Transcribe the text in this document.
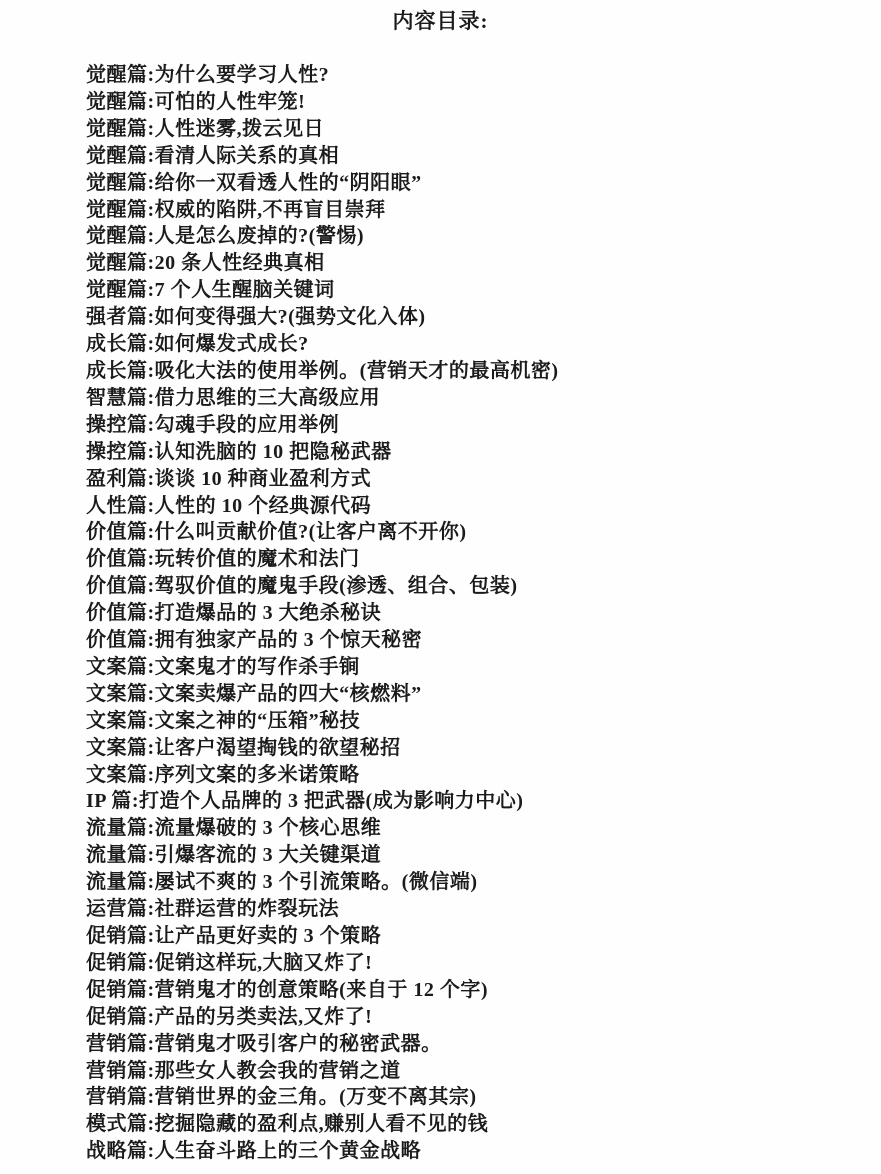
内容目录:
觉醒篇:为什么要学习人性?
觉醒篇:可怕的人性牢笼!
觉醒篇:人性迷雾,拨云见日
觉醒篇:看清人际关系的真相
觉醒篇:给你一双看透人性的“阴阳眼”
觉醒篇:权威的陷阱,不再盲目崇拜
觉醒篇:人是怎么废掉的?(警惕)
觉醒篇:20 条人性经典真相
觉醒篇:7 个人生醒脑关键词
强者篇:如何变得强大?(强势文化入体)
成长篇:如何爆发式成长?
成长篇:吸化大法的使用举例。(营销天才的最高机密)
智慧篇:借力思维的三大高级应用
操控篇:勾魂手段的应用举例
操控篇:认知洗脑的 10 把隐秘武器
盈利篇:谈谈 10 种商业盈利方式
人性篇:人性的 10 个经典源代码
价值篇:什么叫贡献价值?(让客户离不开你)
价值篇:玩转价值的魔术和法门
价值篇:驾驭价值的魔鬼手段(渗透、组合、包装)
价值篇:打造爆品的 3 大绝杀秘诀
价值篇:拥有独家产品的 3 个惊天秘密
文案篇:文案鬼才的写作杀手锏
文案篇:文案卖爆产品的四大“核燃料”
文案篇:文案之神的“压箱”秘技
文案篇:让客户渴望掏钱的欲望秘招
文案篇:序列文案的多米诺策略
IP 篇:打造个人品牌的 3 把武器(成为影响力中心)
流量篇:流量爆破的 3 个核心思维
流量篇:引爆客流的 3 大关键渠道
流量篇:屡试不爽的 3 个引流策略。(微信端)
运营篇:社群运营的炸裂玩法
促销篇:让产品更好卖的 3 个策略
促销篇:促销这样玩,大脑又炸了!
促销篇:营销鬼才的创意策略(来自于 12 个字)
促销篇:产品的另类卖法,又炸了!
营销篇:营销鬼才吸引客户的秘密武器。
营销篇:那些女人教会我的营销之道
营销篇:营销世界的金三角。(万变不离其宗)
模式篇:挖掘隐藏的盈利点,赚别人看不见的钱
战略篇:人生奋斗路上的三个黄金战略
